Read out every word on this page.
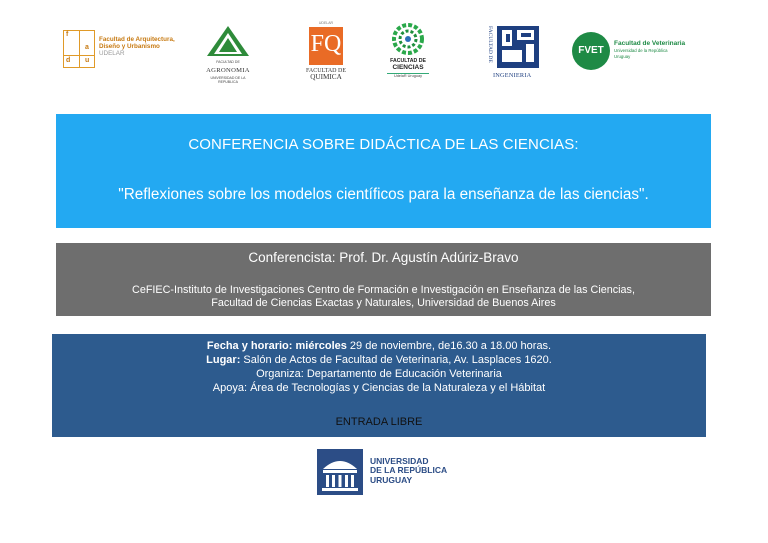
f
a
d u
Facultad de Arquitectura,
Diseño y Urbanismo
UDELAR
FACULTAD DE
AGRONOMIA
UNIVERSIDAD DE LA REPUBLICA
UDELAR
FQ
FACULTAD DE
QUIMICA
FACULTAD DE
CIENCIAS
UdelaR Uruguay
FACULTAD DE
INGENIERIA
FVET
Facultad de Veterinaria
Universidad de la República
Uruguay
CONFERENCIA SOBRE DIDÁCTICA DE LAS CIENCIAS:
"Reflexiones sobre los modelos científicos para la enseñanza de las ciencias".
Conferencista: Prof. Dr. Agustín Adúriz-Bravo
CeFIEC-Instituto de Investigaciones Centro de Formación e Investigación en Enseñanza de las Ciencias,
Facultad de Ciencias Exactas y Naturales, Universidad de Buenos Aires
Fecha y horario: miércoles 29 de noviembre, de16.30 a 18.00 horas.
Lugar: Salón de Actos de Facultad de Veterinaria, Av. Lasplaces 1620.
Organiza: Departamento de Educación Veterinaria
Apoya: Área de Tecnologías y Ciencias de la Naturaleza y el Hábitat
ENTRADA LIBRE
UNIVERSIDAD
DE LA REPÚBLICA
URUGUAY
